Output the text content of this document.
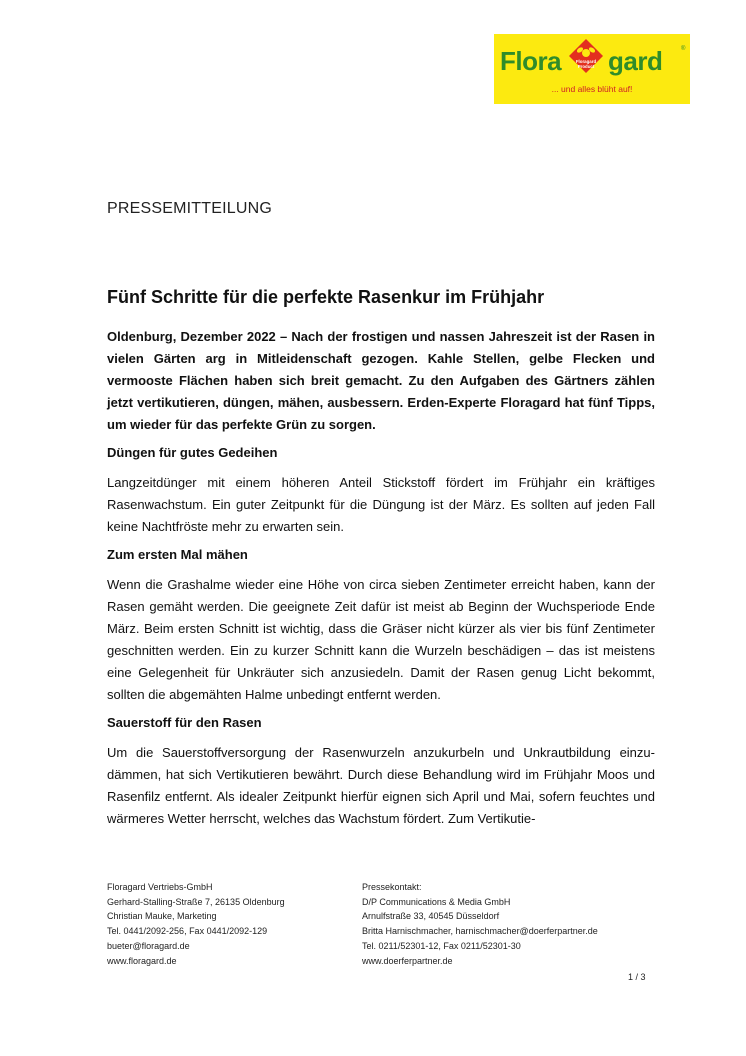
Flora gard
Floragard
Product
®
... und alles blüht auf!
PRESSEMITTEILUNG
Fünf Schritte für die perfekte Rasenkur im Frühjahr

Oldenburg, Dezember 2022 – Nach der frostigen und nassen Jahreszeit ist der Rasen in vielen Gärten arg in Mitleidenschaft gezogen. Kahle Stellen, gelbe Flecken und vermooste Flächen haben sich breit gemacht. Zu den Aufgaben des Gärtners zählen jetzt vertikutieren, düngen, mähen, ausbessern. Erden-Experte Floragard hat fünf Tipps, um wieder für das perfekte Grün zu sorgen.

Düngen für gutes Gedeihen

Langzeitdünger mit einem höheren Anteil Stickstoff fördert im Frühjahr ein kräftiges Rasenwachstum. Ein guter Zeitpunkt für die Düngung ist der März. Es sollten auf jeden Fall keine Nachtfröste mehr zu erwarten sein.

Zum ersten Mal mähen

Wenn die Grashalme wieder eine Höhe von circa sieben Zentimeter erreicht haben, kann der Rasen gemäht werden. Die geeignete Zeit dafür ist meist ab Beginn der Wuchsperiode Ende März. Beim ersten Schnitt ist wichtig, dass die Gräser nicht kürzer als vier bis fünf Zentimeter geschnitten werden. Ein zu kurzer Schnitt kann die Wurzeln beschädigen – das ist meistens eine Gelegenheit für Unkräuter sich anzusiedeln. Damit der Rasen genug Licht bekommt, sollten die abgemähten Halme unbedingt entfernt werden.

Sauerstoff für den Rasen

Um die Sauerstoffversorgung der Rasenwurzeln anzukurbeln und Unkrautbildung einzudämmen, hat sich Vertikutieren bewährt. Durch diese Behandlung wird im Frühjahr Moos und Rasenfilz entfernt. Als idealer Zeitpunkt hierfür eignen sich April und Mai, sofern feuchtes und wärmeres Wetter herrscht, welches das Wachstum fördert. Zum Vertikutie-

Floragard Vertriebs-GmbH
Gerhard-Stalling-Straße 7, 26135 Oldenburg
Christian Mauke, Marketing
Tel. 0441/2092-256, Fax 0441/2092-129
bueter@floragard.de
www.floragard.de
Pressekontakt:
D/P Communications & Media GmbH
Arnulfstraße 33, 40545 Düsseldorf
Britta Harnischmacher, harnischmacher@doerferpartner.de
Tel. 0211/52301-12, Fax 0211/52301-30
www.doerferpartner.de
1 / 3
